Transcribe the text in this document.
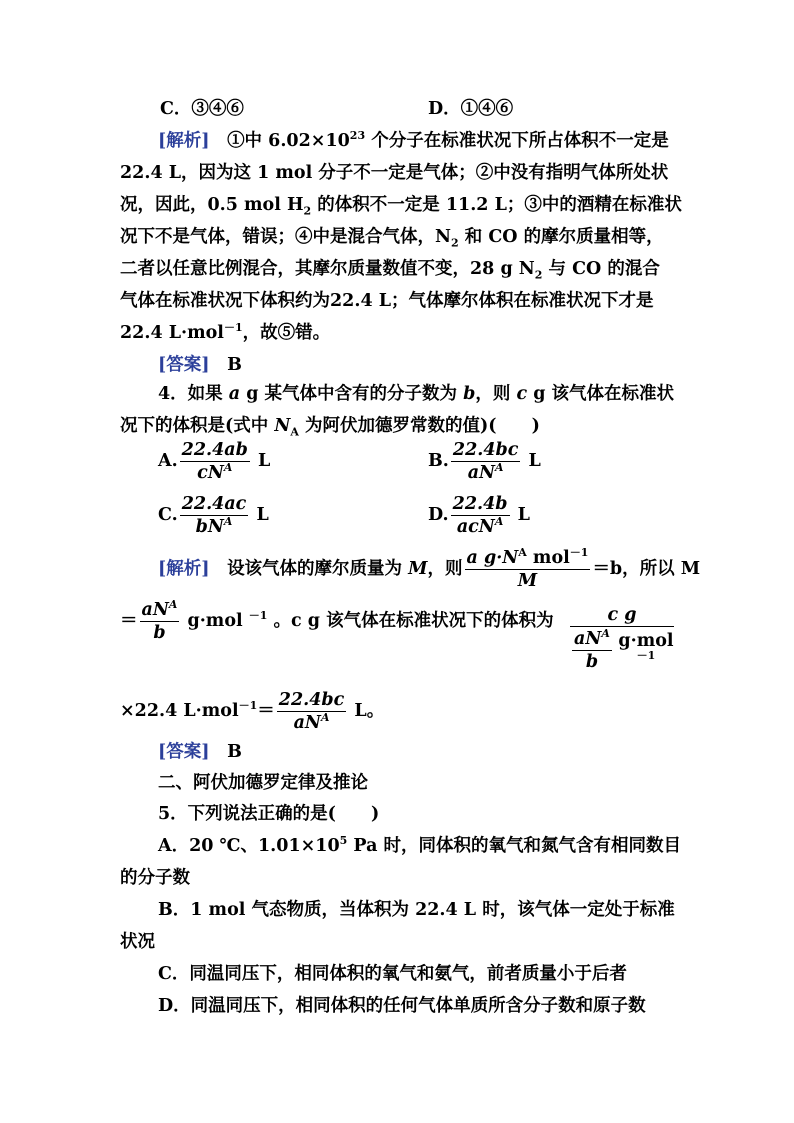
C．③④⑥	D．①④⑥
[解析]　 ①中 $6.02\times 10^{23}$ 个分子在标准状况下所占体积不一定是
22.4 L，因为这 1 mol 分子不一定是气体；②中没有指明气体所处状
况，因此，0.5 mol $H_2$ 的体积不一定是 11.2 L；③中的酒精在标准状
况下不是气体，错误；④中是混合气体，$N_2$ 和 CO 的摩尔质量相等，
二者以任意比例混合，其摩尔质量数值不变，28 g $N_2$ 与 CO 的混合
气体在标准状况下体积约为22.4 L；气体摩尔体积在标准状况下才是
22.4 L·mol$^{-1}$，故⑤错。
[答案]　 B
4．如果 a g 某气体中含有的分子数为 b，则 c g 该气体在标准状
况下的体积是(式中 $N_A$ 为阿伏加德罗常数的值)(　　)
A. $\frac{22.4ab}{cN^A}$ L	B. $\frac{22.4bc}{aN^A}$ L
C. $\frac{22.4ac}{bN^A}$ L	D. $\frac{22.4b}{acN^A}$ L
[解析]　 设该气体的摩尔质量为 M，则 $\frac{a g\cdot N^A mol^{-1}}{M} =b$，所以 M
＝ $\frac{aN^A}{b} g\cdot mol$ $^{-1}$ 。c g 该气体在标准状况下的体积为	c g
$\frac{aN^A}{b} g\cdot mol^{-1}$
×22.4 $L\cdot mol^{-1}= \frac{22.4bc}{aN^A}$ L。
[答案]　 B
二、阿伏加德罗定律及推论
5．下列说法正确的是(　　)
A．20 ℃、$1.01\times 10^5$ Pa 时，同体积的氧气和氮气含有相同数目
的分子数
B．1 mol 气态物质，当体积为 22.4 L 时，该气体一定处于标准
状况
C．同温同压下，相同体积的氧气和氨气，前者质量小于后者
D．同温同压下，相同体积的任何气体单质所含分子数和原子数
